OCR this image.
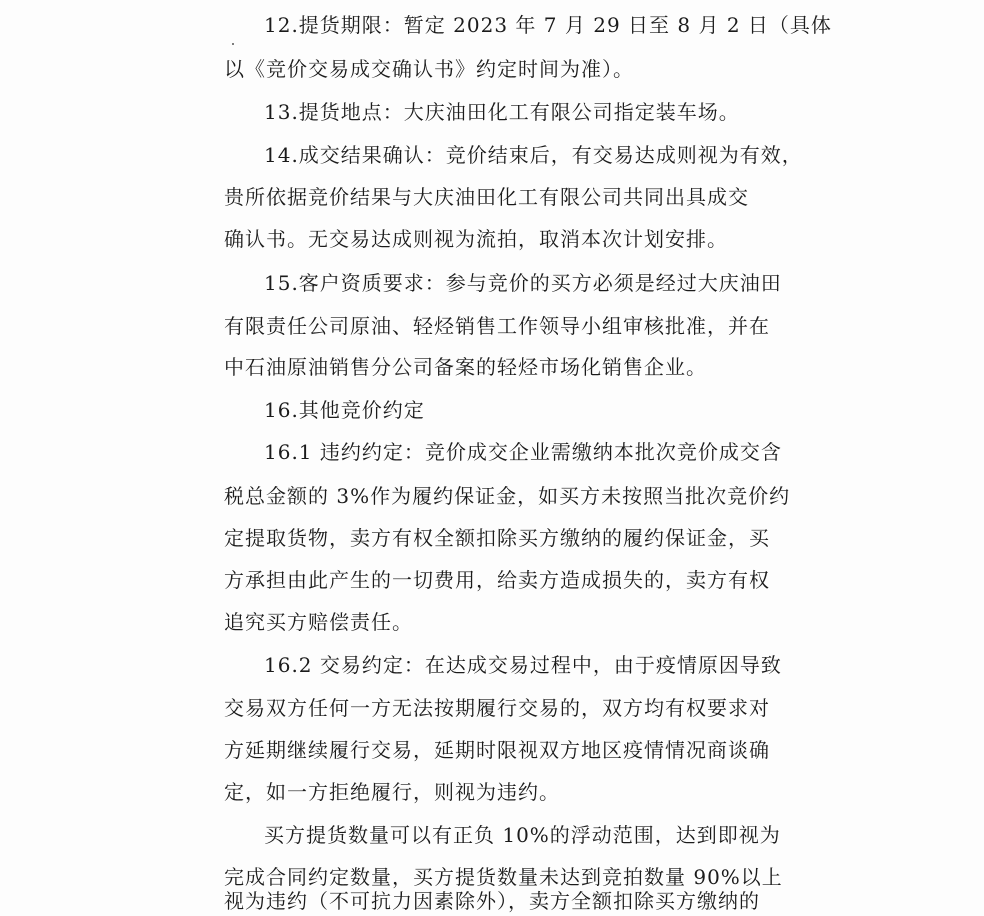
12.提货期限：暂定 2023 年 7 月 29 日至 8 月 2 日（具体
以《竞价交易成交确认书》约定时间为准）。
13.提货地点：大庆油田化工有限公司指定装车场。
14.成交结果确认：竞价结束后，有交易达成则视为有效，
贵所依据竞价结果与大庆油田化工有限公司共同出具成交
确认书。无交易达成则视为流拍，取消本次计划安排。
15.客户资质要求：参与竞价的买方必须是经过大庆油田
有限责任公司原油、轻烃销售工作领导小组审核批准，并在
中石油原油销售分公司备案的轻烃市场化销售企业。
16.其他竞价约定
16.1 违约约定：竞价成交企业需缴纳本批次竞价成交含
税总金额的 3%作为履约保证金，如买方未按照当批次竞价约
定提取货物，卖方有权全额扣除买方缴纳的履约保证金，买
方承担由此产生的一切费用，给卖方造成损失的，卖方有权
追究买方赔偿责任。
16.2 交易约定：在达成交易过程中，由于疫情原因导致
交易双方任何一方无法按期履行交易的，双方均有权要求对
方延期继续履行交易，延期时限视双方地区疫情情况商谈确
定，如一方拒绝履行，则视为违约。
买方提货数量可以有正负 10%的浮动范围，达到即视为
完成合同约定数量，买方提货数量未达到竞拍数量 90%以上
视为违约（不可抗力因素除外），卖方全额扣除买方缴纳的
